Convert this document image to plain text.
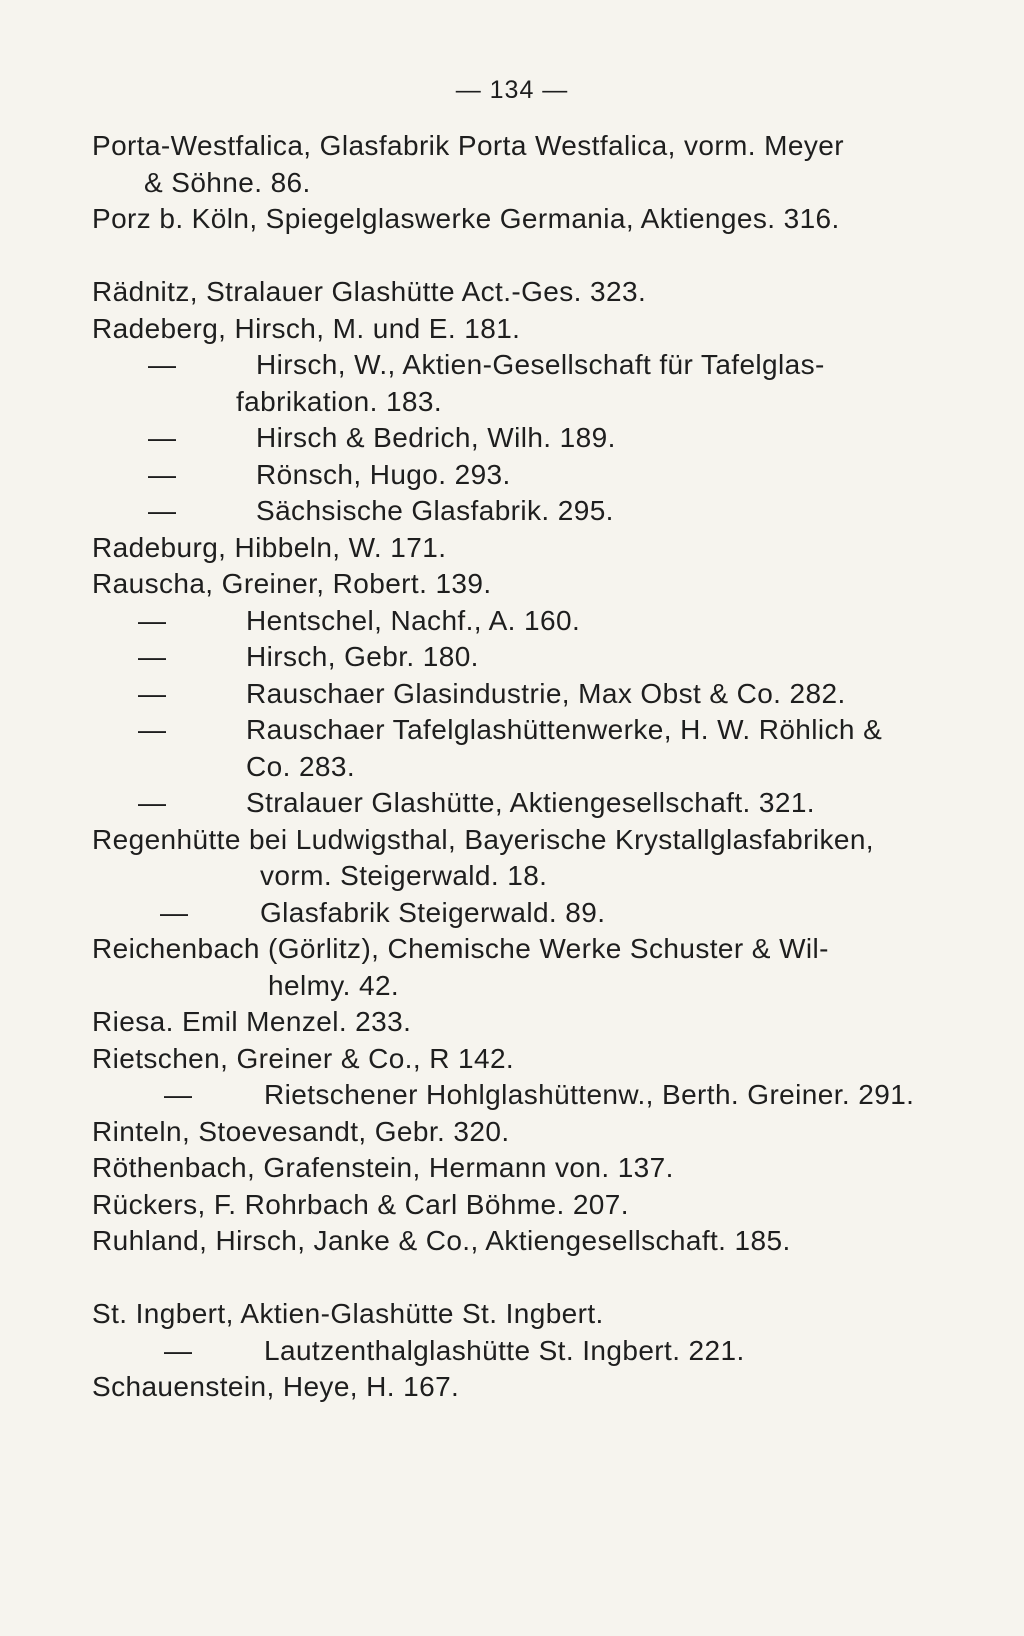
— 134 —
Porta-Westfalica, Glasfabrik Porta Westfalica, vorm. Meyer
& Söhne. 86.
Porz b. Köln, Spiegelglaswerke Germania, Aktienges. 316.
Rädnitz, Stralauer Glashütte Act.-Ges. 323.
Radeberg, Hirsch, M. und E. 181.
—	Hirsch, W., Aktien-Gesellschaft für Tafelglas-
fabrikation. 183.
—	Hirsch & Bedrich, Wilh. 189.
—	Rönsch, Hugo. 293.
—	Sächsische Glasfabrik. 295.
Radeburg, Hibbeln, W. 171.
Rauscha, Greiner, Robert. 139.
—	Hentschel, Nachf., A. 160.
—	Hirsch, Gebr. 180.
—	Rauschaer Glasindustrie, Max Obst & Co. 282.
—	Rauschaer Tafelglashüttenwerke, H. W. Röhlich &
Co. 283.
—	Stralauer Glashütte, Aktiengesellschaft. 321.
Regenhütte bei Ludwigsthal, Bayerische Krystallglasfabriken,
vorm. Steigerwald. 18.
—	Glasfabrik Steigerwald. 89.
Reichenbach (Görlitz), Chemische Werke Schuster & Wil-
helmy. 42.
Riesa. Emil Menzel. 233.
Rietschen, Greiner & Co., R 142.
—	Rietschener Hohlglashüttenw., Berth. Greiner. 291.
Rinteln, Stoevesandt, Gebr. 320.
Röthenbach, Grafenstein, Hermann von. 137.
Rückers, F. Rohrbach & Carl Böhme. 207.
Ruhland, Hirsch, Janke & Co., Aktiengesellschaft. 185.
St. Ingbert, Aktien-Glashütte St. Ingbert.
—	Lautzenthalglashütte St. Ingbert. 221.
Schauenstein, Heye, H. 167.
